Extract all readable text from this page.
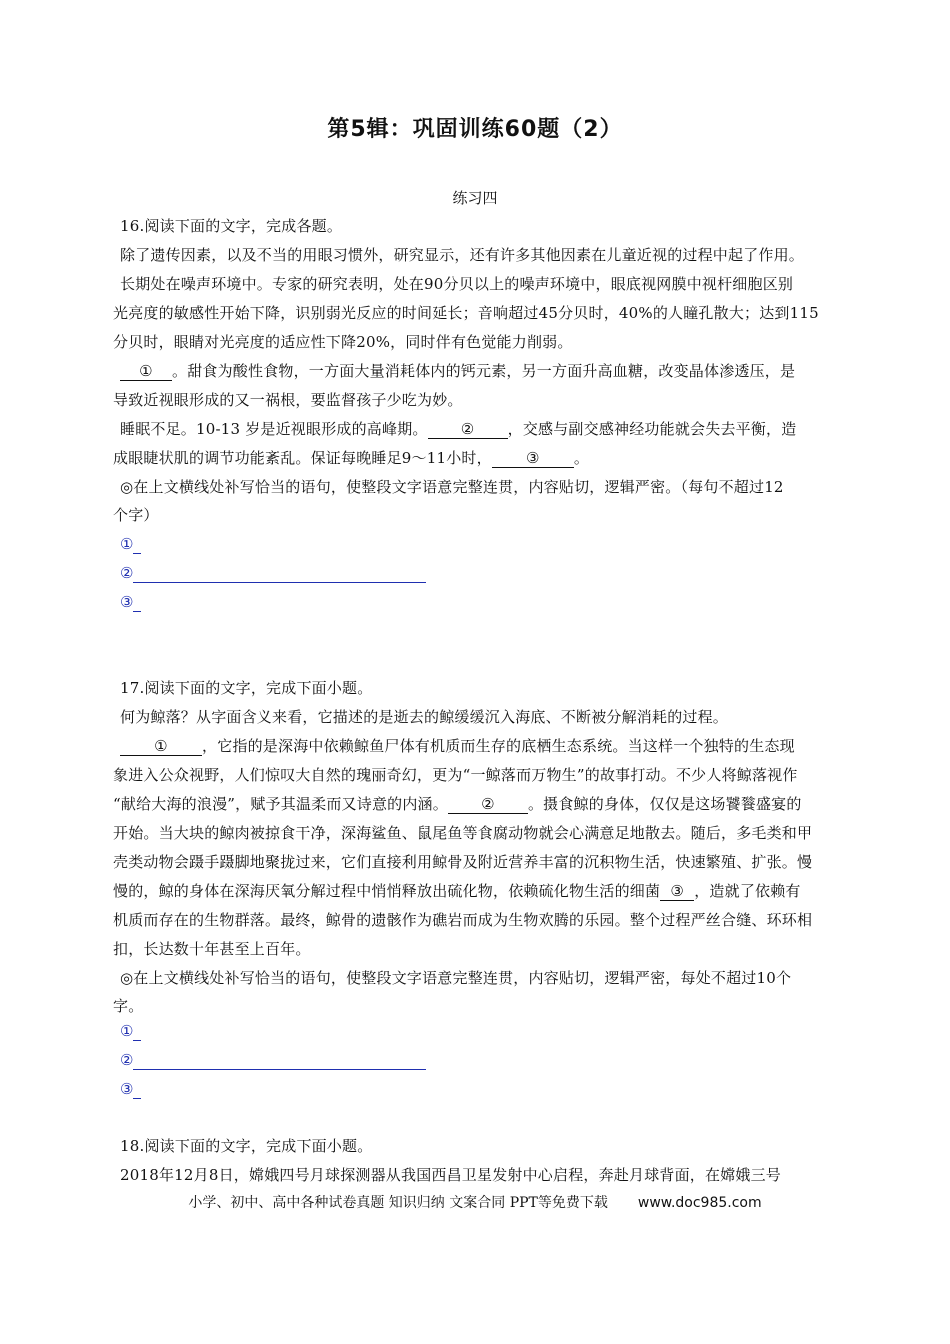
第5辑：巩固训练60题（2）
练习四
16.阅读下面的文字，完成各题。
除了遗传因素，以及不当的用眼习惯外，研究显示，还有许多其他因素在儿童近视的过程中起了作用。
长期处在噪声环境中。专家的研究表明，处在90分贝以上的噪声环境中，眼底视网膜中视杆细胞区别
光亮度的敏感性开始下降，识别弱光反应的时间延长；音响超过45分贝时，40%的人瞳孔散大；达到115
分贝时，眼睛对光亮度的适应性下降20%，同时伴有色觉能力削弱。
① 。甜食为酸性食物，一方面大量消耗体内的钙元素，另一方面升高血糖，改变晶体渗透压，是
导致近视眼形成的又一祸根，要监督孩子少吃为妙。
睡眠不足。10-13 岁是近视眼形成的高峰期。 ② ，交感与副交感神经功能就会失去平衡，造
成眼睫状肌的调节功能紊乱。保证每晚睡足9～11小时， ③ 。
◎在上文横线处补写恰当的语句，使整段文字语意完整连贯，内容贴切，逻辑严密。（每句不超过12
个字）
①
②
③
17.阅读下面的文字，完成下面小题。
何为鲸落？从字面含义来看，它描述的是逝去的鲸缓缓沉入海底、不断被分解消耗的过程。
① ，它指的是深海中依赖鲸鱼尸体有机质而生存的底栖生态系统。当这样一个独特的生态现
象进入公众视野，人们惊叹大自然的瑰丽奇幻，更为“一鲸落而万物生”的故事打动。不少人将鲸落视作
“献给大海的浪漫”，赋予其温柔而又诗意的内涵。 ② 。摄食鲸的身体，仅仅是这场饕餮盛宴的
开始。当大块的鲸肉被掠食干净，深海鲨鱼、鼠尾鱼等食腐动物就会心满意足地散去。随后，多毛类和甲
壳类动物会蹑手蹑脚地聚拢过来，它们直接利用鲸骨及附近营养丰富的沉积物生活，快速繁殖、扩张。慢
慢的，鲸的身体在深海厌氧分解过程中悄悄释放出硫化物，依赖硫化物生活的细菌 ③ ，造就了依赖有
机质而存在的生物群落。最终，鲸骨的遗骸作为礁岩而成为生物欢腾的乐园。整个过程严丝合缝、环环相
扣，长达数十年甚至上百年。
◎在上文横线处补写恰当的语句，使整段文字语意完整连贯，内容贴切，逻辑严密，每处不超过10个
字。
①
②
③
18.阅读下面的文字，完成下面小题。
2018年12月8日，嫦娥四号月球探测器从我国西昌卫星发射中心启程，奔赴月球背面，在嫦娥三号
小学、初中、高中各种试卷真题 知识归纳 文案合同 PPT等免费下载 www.doc985.com
